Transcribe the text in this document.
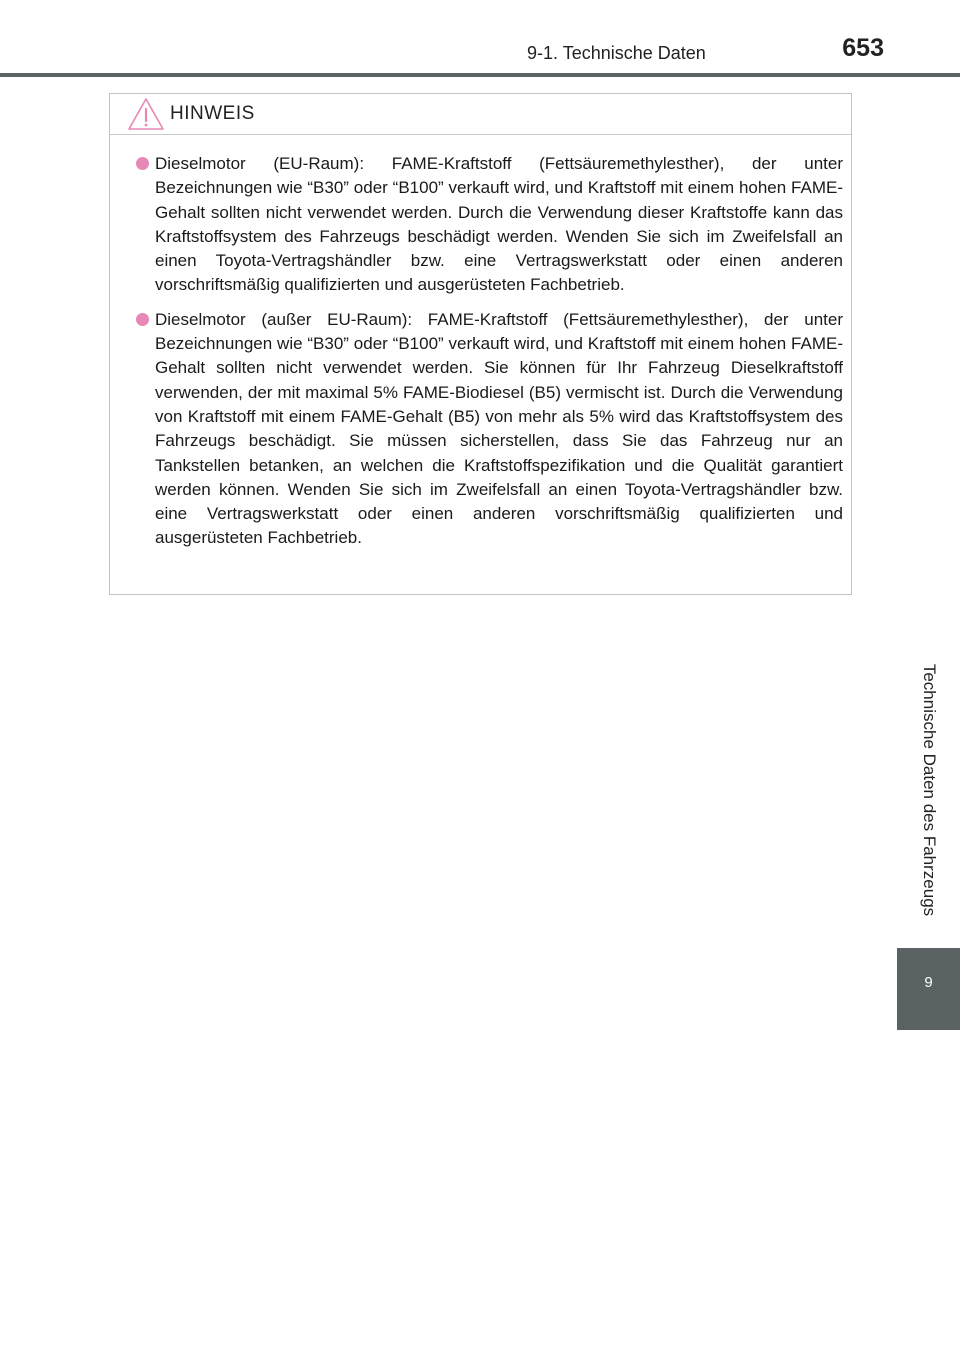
9-1. Technische Daten	653
HINWEIS
Dieselmotor (EU-Raum): FAME-Kraftstoff (Fettsäuremethylesther), der unter Bezeichnungen wie “B30” oder “B100” verkauft wird, und Kraftstoff mit einem hohen FAME-Gehalt sollten nicht verwendet werden. Durch die Verwendung dieser Kraftstoffe kann das Kraftstoffsystem des Fahrzeugs beschädigt werden. Wenden Sie sich im Zweifelsfall an einen Toyota-Vertragshändler bzw. eine Vertragswerkstatt oder einen anderen vorschriftsmäßig qualifizierten und ausgerüsteten Fachbetrieb.
Dieselmotor (außer EU-Raum): FAME-Kraftstoff (Fettsäuremethylesther), der unter Bezeichnungen wie “B30” oder “B100” verkauft wird, und Kraftstoff mit einem hohen FAME-Gehalt sollten nicht verwendet werden. Sie können für Ihr Fahrzeug Dieselkraftstoff verwenden, der mit maximal 5% FAME-Biodiesel (B5) vermischt ist. Durch die Verwendung von Kraftstoff mit einem FAME-Gehalt (B5) von mehr als 5% wird das Kraftstoffsystem des Fahrzeugs beschädigt. Sie müssen sicherstellen, dass Sie das Fahrzeug nur an Tankstellen betanken, an welchen die Kraftstoffspezifikation und die Qualität garantiert werden können. Wenden Sie sich im Zweifelsfall an einen Toyota-Vertragshändler bzw. eine Vertragswerkstatt oder einen anderen vorschriftsmäßig qualifizierten und ausgerüsteten Fachbetrieb.
Technische Daten des Fahrzeugs
9
